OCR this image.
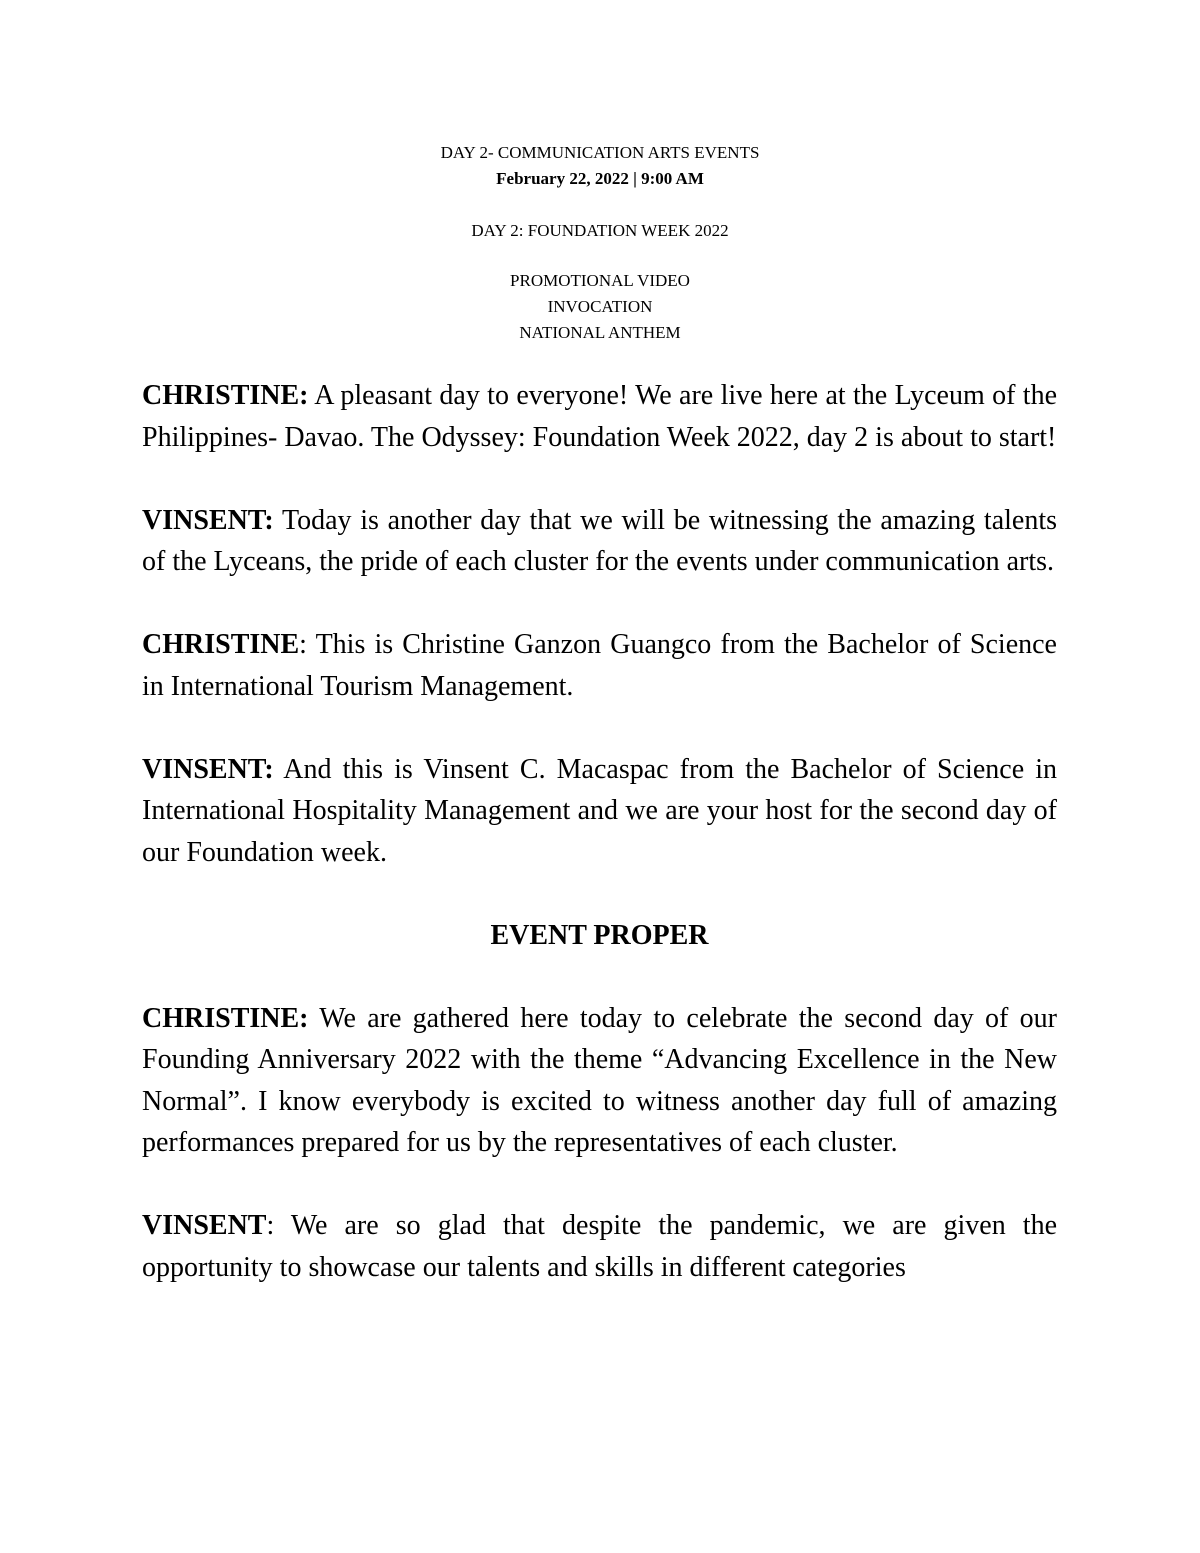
DAY 2- COMMUNICATION ARTS EVENTS
February 22, 2022 | 9:00 AM
DAY 2: FOUNDATION WEEK 2022
PROMOTIONAL VIDEO
INVOCATION
NATIONAL ANTHEM

CHRISTINE: A pleasant day to everyone! We are live here at the Lyceum of the Philippines- Davao. The Odyssey: Foundation Week 2022, day 2 is about to start!

VINSENT: Today is another day that we will be witnessing the amazing talents of the Lyceans, the pride of each cluster for the events under communication arts.

CHRISTINE: This is Christine Ganzon Guangco from the Bachelor of Science in International Tourism Management.

VINSENT: And this is Vinsent C. Macaspac from the Bachelor of Science in International Hospitality Management and we are your host for the second day of our Foundation week.

EVENT PROPER

CHRISTINE: We are gathered here today to celebrate the second day of our Founding Anniversary 2022 with the theme “Advancing Excellence in the New Normal”. I know everybody is excited to witness another day full of amazing performances prepared for us by the representatives of each cluster.

VINSENT: We are so glad that despite the pandemic, we are given the opportunity to showcase our talents and skills in different categories
